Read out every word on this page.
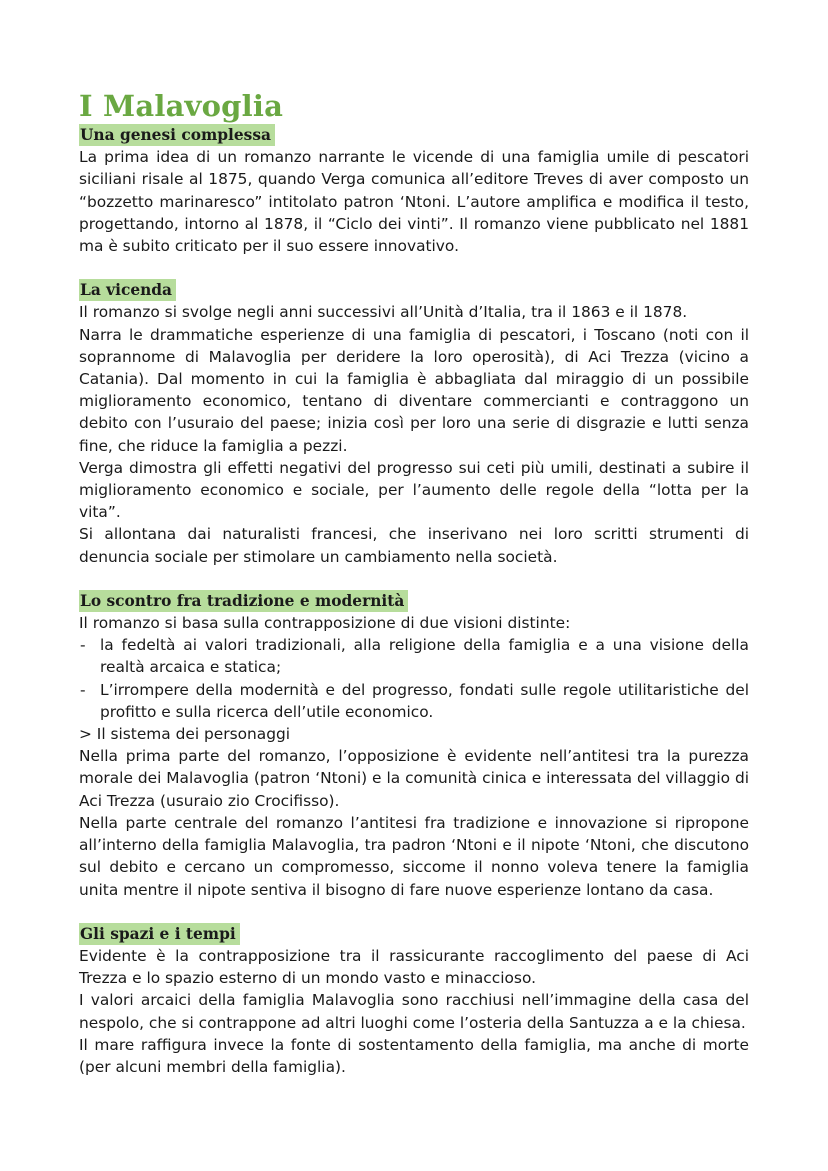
I Malavoglia
Una genesi complessa

La prima idea di un romanzo narrante le vicende di una famiglia umile di pescatori siciliani risale al 1875, quando Verga comunica all’editore Treves di aver composto un “bozzetto marinaresco” intitolato patron ‘Ntoni. L’autore amplifica e modifica il testo, progettando, intorno al 1878, il “Ciclo dei vinti”. Il romanzo viene pubblicato nel 1881 ma è subito criticato per il suo essere innovativo.

La vicenda

Il romanzo si svolge negli anni successivi all’Unità d’Italia, tra il 1863 e il 1878.

Narra le drammatiche esperienze di una famiglia di pescatori, i Toscano (noti con il soprannome di Malavoglia per deridere la loro operosità), di Aci Trezza (vicino a Catania). Dal momento in cui la famiglia è abbagliata dal miraggio di un possibile miglioramento economico, tentano di diventare commercianti e contraggono un debito con l’usuraio del paese; inizia così per loro una serie di disgrazie e lutti senza fine, che riduce la famiglia a pezzi.

Verga dimostra gli effetti negativi del progresso sui ceti più umili, destinati a subire il miglioramento economico e sociale, per l’aumento delle regole della “lotta per la vita”.

Si allontana dai naturalisti francesi, che inserivano nei loro scritti strumenti di denuncia sociale per stimolare un cambiamento nella società.

Lo scontro fra tradizione e modernità

Il romanzo si basa sulla contrapposizione di due visioni distinte:

- la fedeltà ai valori tradizionali, alla religione della famiglia e a una visione della realtà arcaica e statica;
- L’irrompere della modernità e del progresso, fondati sulle regole utilitaristiche del profitto e sulla ricerca dell’utile economico.

> Il sistema dei personaggi

Nella prima parte del romanzo, l’opposizione è evidente nell’antitesi tra la purezza morale dei Malavoglia (patron ‘Ntoni) e la comunità cinica e interessata del villaggio di Aci Trezza (usuraio zio Crocifisso).

Nella parte centrale del romanzo l’antitesi fra tradizione e innovazione si ripropone all’interno della famiglia Malavoglia, tra padron ‘Ntoni e il nipote ‘Ntoni, che discutono sul debito e cercano un compromesso, siccome il nonno voleva tenere la famiglia unita mentre il nipote sentiva il bisogno di fare nuove esperienze lontano da casa.

Gli spazi e i tempi

Evidente è la contrapposizione tra il rassicurante raccoglimento del paese di Aci Trezza e lo spazio esterno di un mondo vasto e minaccioso.

I valori arcaici della famiglia Malavoglia sono racchiusi nell’immagine della casa del nespolo, che si contrappone ad altri luoghi come l’osteria della Santuzza a e la chiesa.

Il mare raffigura invece la fonte di sostentamento della famiglia, ma anche di morte (per alcuni membri della famiglia).
